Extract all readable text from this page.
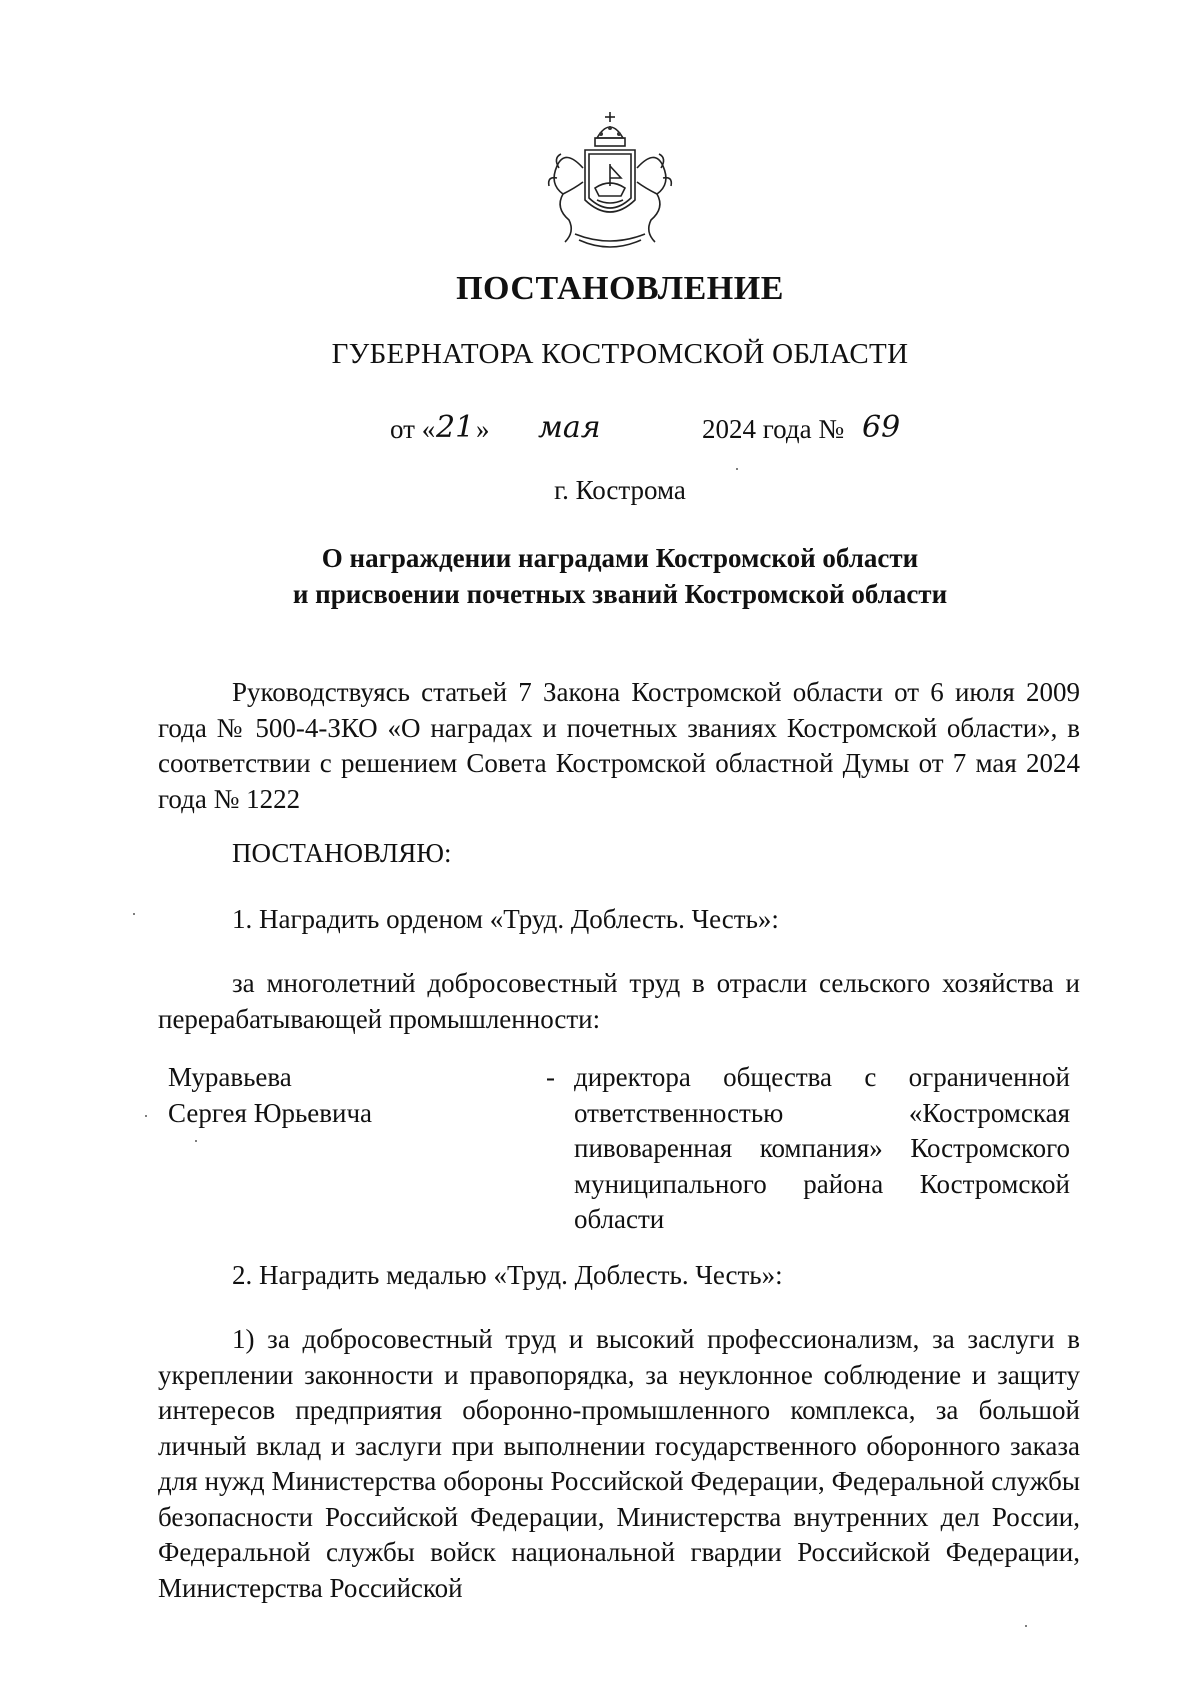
ПОСТАНОВЛЕНИЕ
ГУБЕРНАТОРА КОСТРОМСКОЙ ОБЛАСТИ
от « 21 » мая	2024 года № 69
г. Кострома
О награждении наградами Костромской области
и присвоении почетных званий Костромской области
Руководствуясь статьей 7 Закона Костромской области от 6 июля 2009 года № 500-4-ЗКО «О наградах и почетных званиях Костромской области», в соответствии с решением Совета Костромской областной Думы от 7 мая 2024 года № 1222
ПОСТАНОВЛЯЮ:
1. Наградить орденом «Труд. Доблесть. Честь»:
за многолетний добросовестный труд в отрасли сельского хозяйства и перерабатывающей промышленности:
Муравьева
Сергея Юрьевича
- директора общества с ограниченной ответственностью «Костромская пивоваренная компания» Костромского муниципального района Костромской области
2. Наградить медалью «Труд. Доблесть. Честь»:
1) за добросовестный труд и высокий профессионализм, за заслуги в укреплении законности и правопорядка, за неуклонное соблюдение и защиту интересов предприятия оборонно-промышленного комплекса, за большой личный вклад и заслуги при выполнении государственного оборонного заказа для нужд Министерства обороны Российской Федерации, Федеральной службы безопасности Российской Федерации, Министерства внутренних дел России, Федеральной службы войск национальной гвардии Российской Федерации, Министерства Российской
